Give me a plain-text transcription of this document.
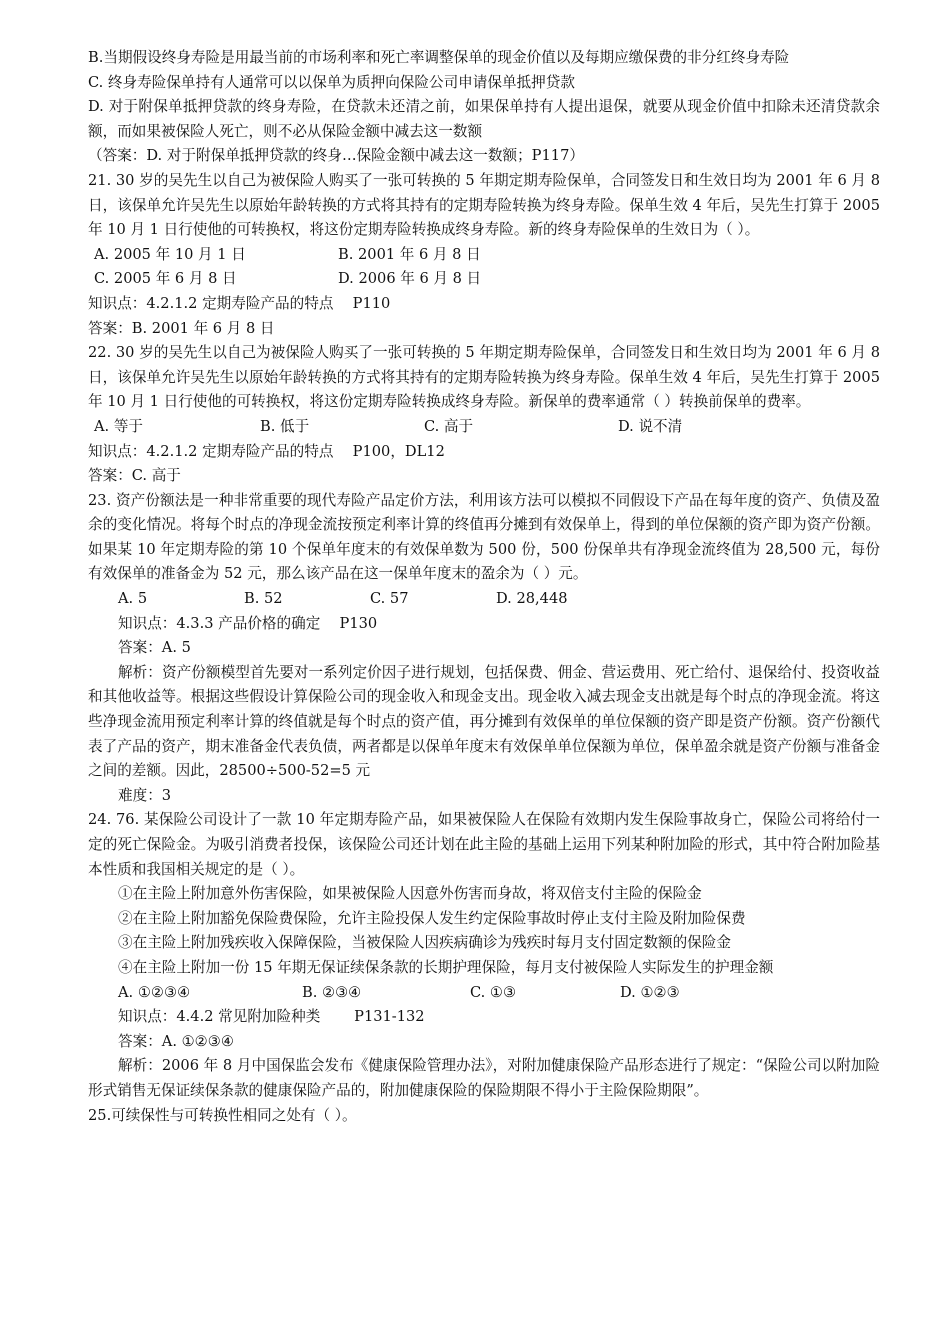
B.当期假设终身寿险是用最当前的市场利率和死亡率调整保单的现金价值以及每期应缴保费的非分红终身寿险

C. 终身寿险保单持有人通常可以以保单为质押向保险公司申请保单抵押贷款

D. 对于附保单抵押贷款的终身寿险，在贷款未还清之前，如果保单持有人提出退保，就要从现金价值中扣除未还清贷款余额，而如果被保险人死亡，则不必从保险金额中减去这一数额

（答案：D. 对于附保单抵押贷款的终身…保险金额中减去这一数额；P117）

21. 30 岁的吴先生以自己为被保险人购买了一张可转换的 5 年期定期寿险保单，合同签发日和生效日均为 2001 年 6 月 8 日，该保单允许吴先生以原始年龄转换的方式将其持有的定期寿险转换为终身寿险。保单生效 4 年后，吴先生打算于 2005 年 10 月 1 日行使他的可转换权，将这份定期寿险转换成终身寿险。新的终身寿险保单的生效日为（ ）。

A. 2005 年 10 月 1 日	B. 2001 年 6 月 8 日
C. 2005 年 6 月 8 日	D. 2006 年 6 月 8 日

知识点：4.2.1.2 定期寿险产品的特点　 P110

答案：B. 2001 年 6 月 8 日

22. 30 岁的吴先生以自己为被保险人购买了一张可转换的 5 年期定期寿险保单，合同签发日和生效日均为 2001 年 6 月 8 日，该保单允许吴先生以原始年龄转换的方式将其持有的定期寿险转换为终身寿险。保单生效 4 年后，吴先生打算于 2005 年 10 月 1 日行使他的可转换权，将这份定期寿险转换成终身寿险。新保单的费率通常（ ）转换前保单的费率。

A. 等于	B. 低于	C. 高于	D. 说不清

知识点：4.2.1.2 定期寿险产品的特点　 P100，DL12

答案：C. 高于

23. 资产份额法是一种非常重要的现代寿险产品定价方法，利用该方法可以模拟不同假设下产品在每年度的资产、负债及盈余的变化情况。将每个时点的净现金流按预定利率计算的终值再分摊到有效保单上，得到的单位保额的资产即为资产份额。如果某 10 年定期寿险的第 10 个保单年度末的有效保单数为 500 份，500 份保单共有净现金流终值为 28,500 元，每份有效保单的准备金为 52 元，那么该产品在这一保单年度末的盈余为（ ）元。

A. 5	B. 52	C. 57	D. 28,448

知识点：4.3.3 产品价格的确定　 P130

答案：A. 5

解析：资产份额模型首先要对一系列定价因子进行规划，包括保费、佣金、营运费用、死亡给付、退保给付、投资收益和其他收益等。根据这些假设计算保险公司的现金收入和现金支出。现金收入减去现金支出就是每个时点的净现金流。将这些净现金流用预定利率计算的终值就是每个时点的资产值，再分摊到有效保单的单位保额的资产即是资产份额。资产份额代表了产品的资产，期末准备金代表负债，两者都是以保单年度末有效保单单位保额为单位，保单盈余就是资产份额与准备金之间的差额。因此，28500÷500-52=5 元

难度：3

24. 76. 某保险公司设计了一款 10 年定期寿险产品，如果被保险人在保险有效期内发生保险事故身亡，保险公司将给付一定的死亡保险金。为吸引消费者投保，该保险公司还计划在此主险的基础上运用下列某种附加险的形式，其中符合附加险基本性质和我国相关规定的是（ ）。

①在主险上附加意外伤害保险，如果被保险人因意外伤害而身故，将双倍支付主险的保险金

②在主险上附加豁免保险费保险，允许主险投保人发生约定保险事故时停止支付主险及附加险保费

③在主险上附加残疾收入保障保险，当被保险人因疾病确诊为残疾时每月支付固定数额的保险金

④在主险上附加一份 15 年期无保证续保条款的长期护理保险，每月支付被保险人实际发生的护理金额

A. ①②③④	B. ②③④	C. ①③	D. ①②③

知识点：4.4.2 常见附加险种类　　 P131-132

答案：A. ①②③④

解析：2006 年 8 月中国保监会发布《健康保险管理办法》，对附加健康保险产品形态进行了规定：“保险公司以附加险形式销售无保证续保条款的健康保险产品的，附加健康保险的保险期限不得小于主险保险期限”。

25.可续保性与可转换性相同之处有（ ）。
